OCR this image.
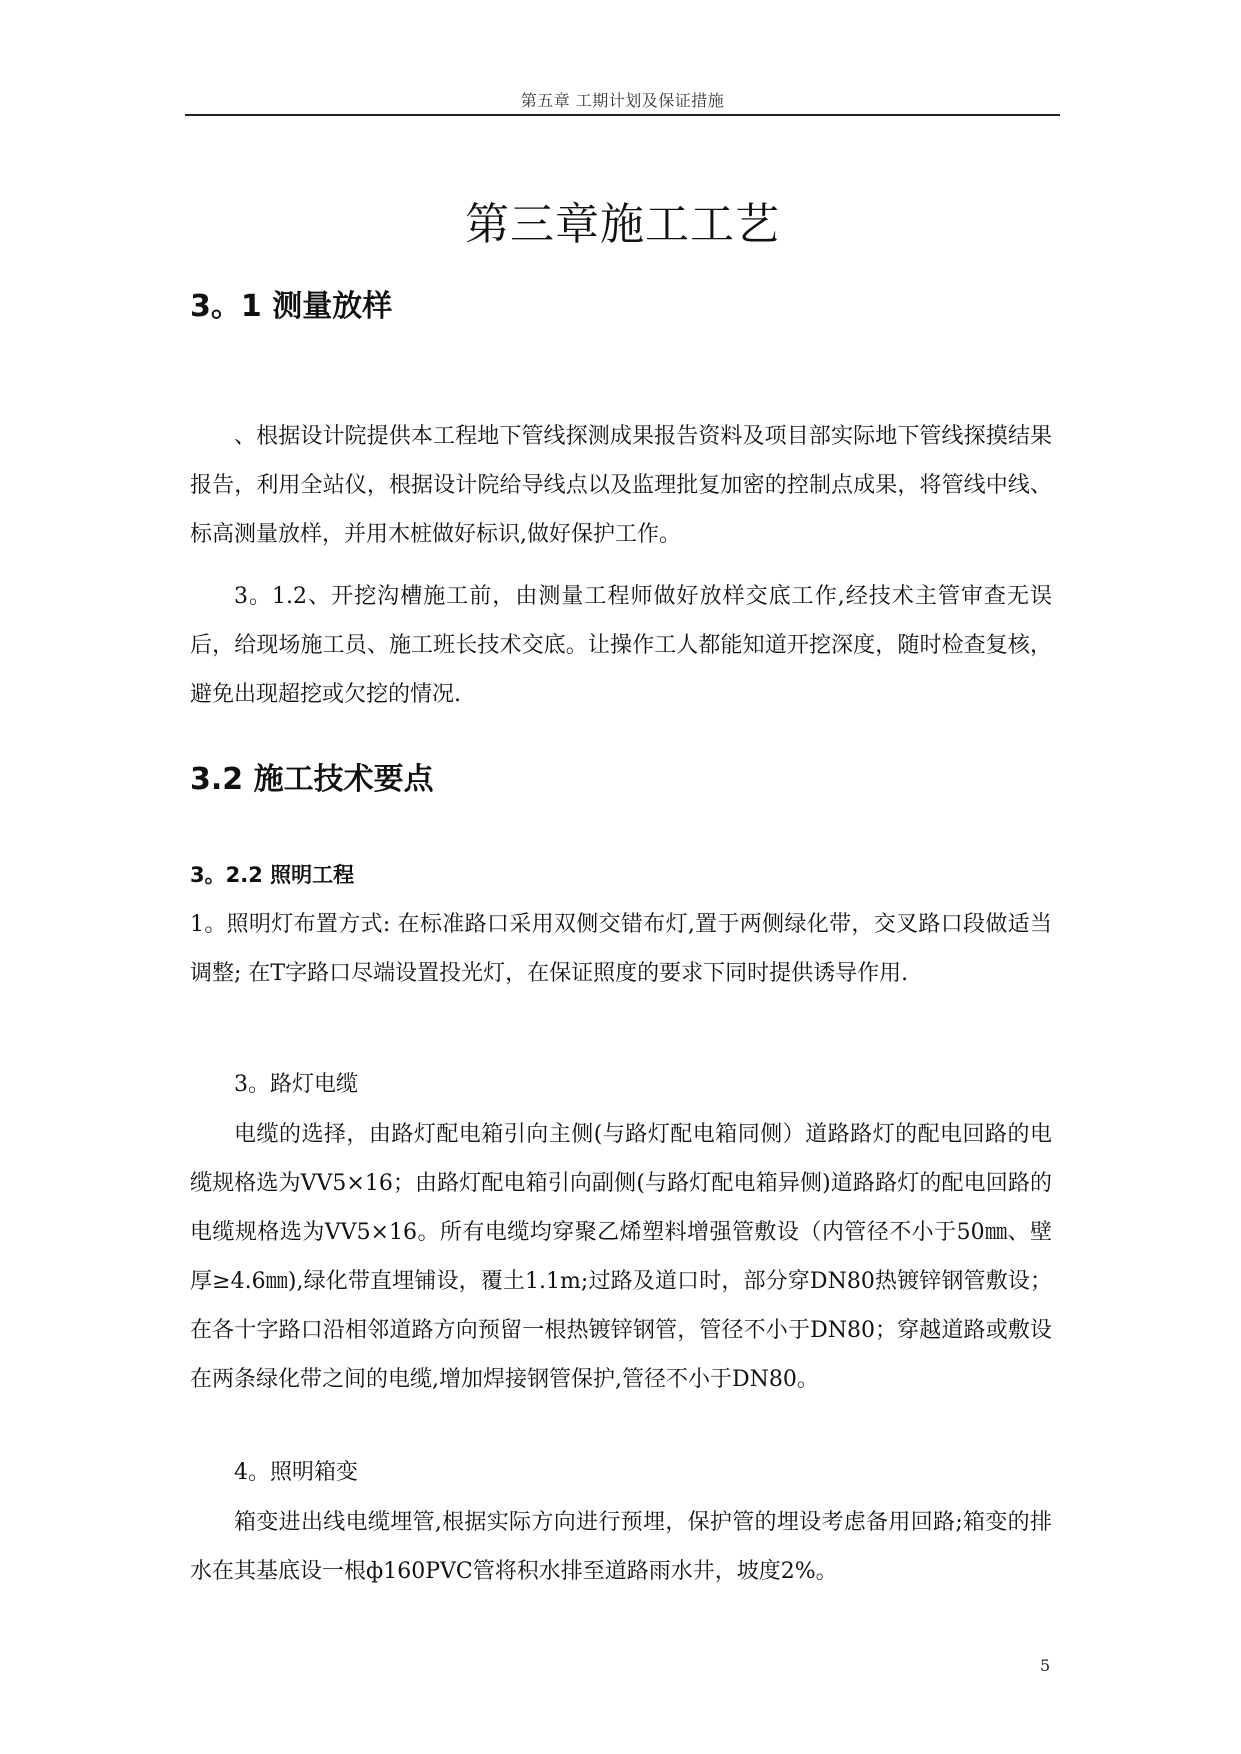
第五章 工期计划及保证措施
第三章施工工艺
3。1 测量放样

、根据设计院提供本工程地下管线探测成果报告资料及项目部实际地下管线探摸结果报告，利用全站仪，根据设计院给导线点以及监理批复加密的控制点成果，将管线中线、标高测量放样，并用木桩做好标识,做好保护工作。

3。1.2、开挖沟槽施工前，由测量工程师做好放样交底工作,经技术主管审查无误后，给现场施工员、施工班长技术交底。让操作工人都能知道开挖深度，随时检查复核，避免出现超挖或欠挖的情况.

3.2 施工技术要点
3。2.2 照明工程

1。照明灯布置方式: 在标准路口采用双侧交错布灯,置于两侧绿化带，交叉路口段做适当调整; 在T字路口尽端设置投光灯，在保证照度的要求下同时提供诱导作用.

3。路灯电缆

电缆的选择，由路灯配电箱引向主侧(与路灯配电箱同侧）道路路灯的配电回路的电缆规格选为VV5×16；由路灯配电箱引向副侧(与路灯配电箱异侧)道路路灯的配电回路的电缆规格选为VV5×16。所有电缆均穿聚乙烯塑料增强管敷设（内管径不小于50㎜、壁厚≥4.6㎜),绿化带直埋铺设，覆土1.1m;过路及道口时，部分穿DN80热镀锌钢管敷设；在各十字路口沿相邻道路方向预留一根热镀锌钢管，管径不小于DN80；穿越道路或敷设在两条绿化带之间的电缆,增加焊接钢管保护,管径不小于DN80。

4。照明箱变

箱变进出线电缆埋管,根据实际方向进行预埋，保护管的埋设考虑备用回路;箱变的排水在其基底设一根ф160PVC管将积水排至道路雨水井，坡度2%。

5
